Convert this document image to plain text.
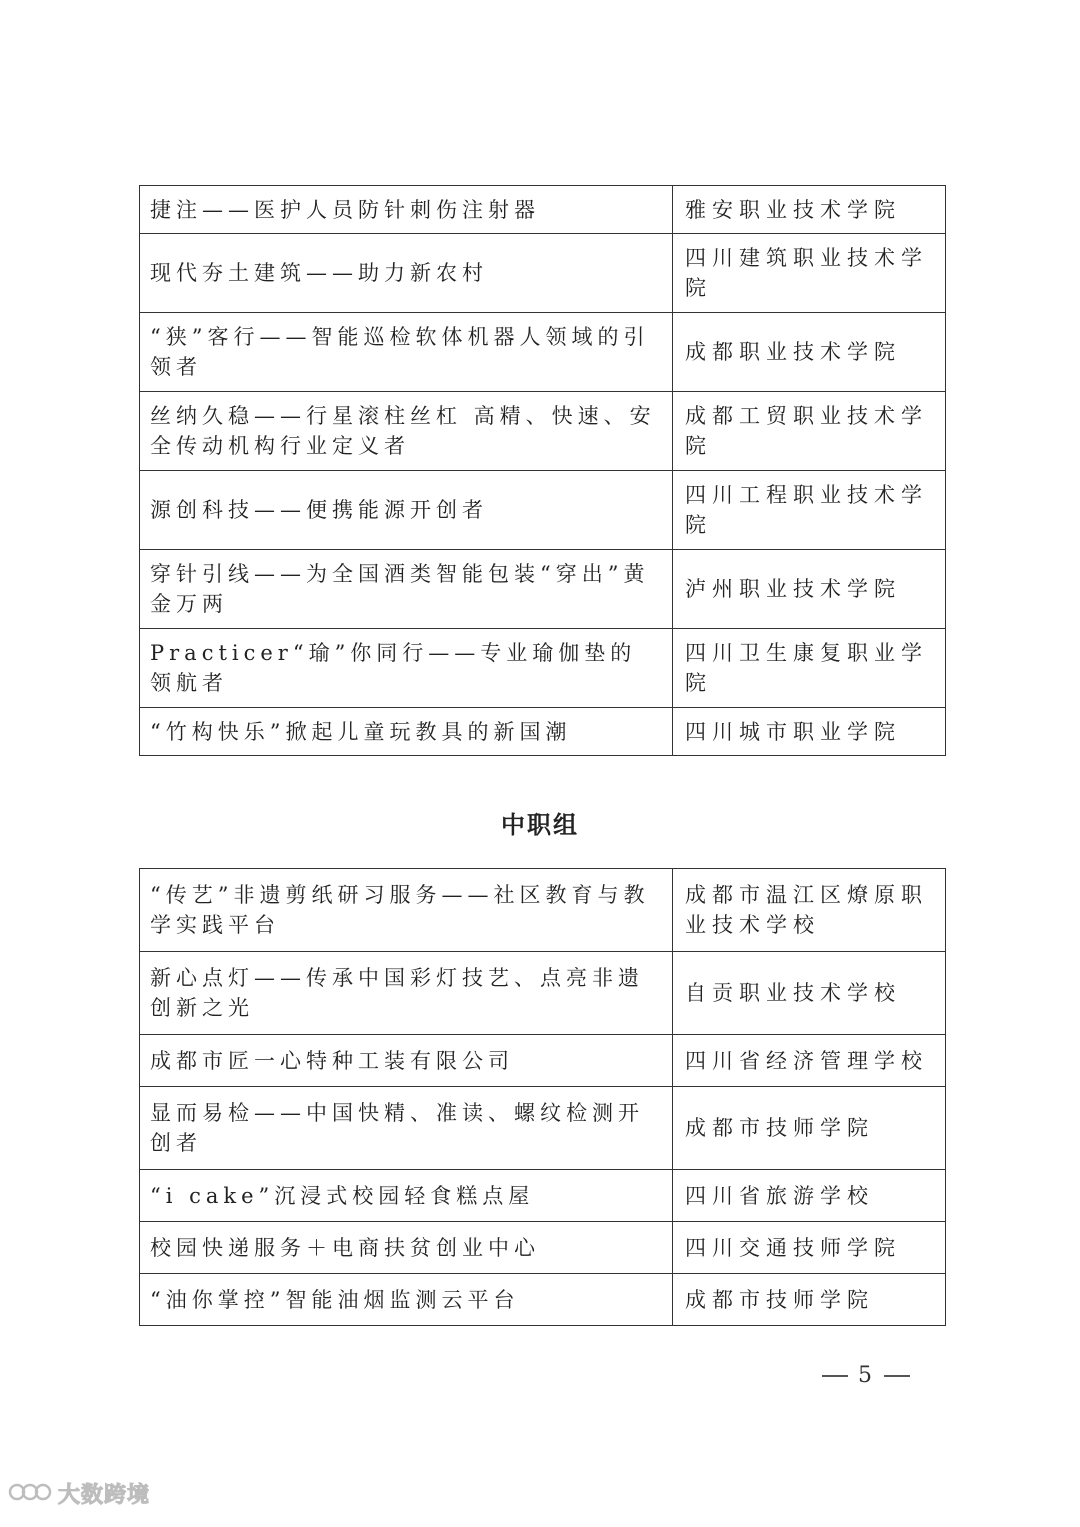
捷注——医护人员防针刺伤注射器	雅安职业技术学院
现代夯土建筑——助力新农村	四川建筑职业技术学院
“狭”客行——智能巡检软体机器人领域的引领者	成都职业技术学院
丝纳久稳——行星滚柱丝杠 高精、快速、安全传动机构行业定义者	成都工贸职业技术学院
源创科技——便携能源开创者	四川工程职业技术学院
穿针引线——为全国酒类智能包装“穿出”黄金万两	泸州职业技术学院
Practicer“瑜”你同行——专业瑜伽垫的领航者	四川卫生康复职业学院
“竹构快乐”掀起儿童玩教具的新国潮	四川城市职业学院
中职组
“传艺”非遗剪纸研习服务——社区教育与教学实践平台	成都市温江区燎原职业技术学校
新心点灯——传承中国彩灯技艺、点亮非遗创新之光	自贡职业技术学校
成都市匠一心特种工装有限公司	四川省经济管理学校
显而易检——中国快精、准读、螺纹检测开创者	成都市技师学院
“i cake”沉浸式校园轻食糕点屋	四川省旅游学校
校园快递服务＋电商扶贫创业中心	四川交通技师学院
“油你掌控”智能油烟监测云平台	成都市技师学院
5
大数跨境
